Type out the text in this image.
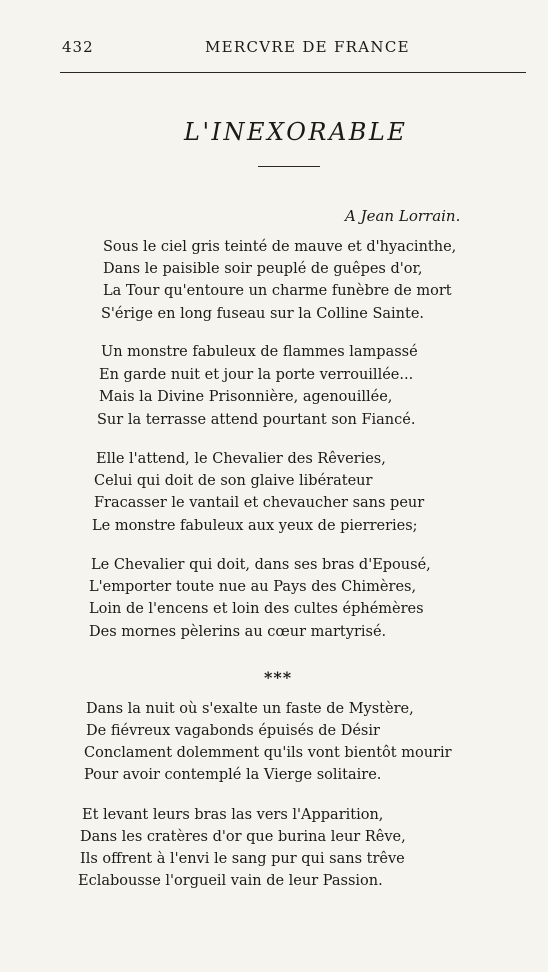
432	MERCVRE DE FRANCE
L'INEXORABLE
A Jean Lorrain.
Sous le ciel gris teinté de mauve et d'hyacinthe,
Dans le paisible soir peuplé de guêpes d'or,
La Tour qu'entoure un charme funèbre de mort
S'érige en long fuseau sur la Colline Sainte.
Un monstre fabuleux de flammes lampassé
En garde nuit et jour la porte verrouillée...
Mais la Divine Prisonnière, agenouillée,
Sur la terrasse attend pourtant son Fiancé.
Elle l'attend, le Chevalier des Rêveries,
Celui qui doit de son glaive libérateur
Fracasser le vantail et chevaucher sans peur
Le monstre fabuleux aux yeux de pierreries;
Le Chevalier qui doit, dans ses bras d'Epousé,
L'emporter toute nue au Pays des Chimères,
Loin de l'encens et loin des cultes éphémères
Des mornes pèlerins au cœur martyrisé.
***
Dans la nuit où s'exalte un faste de Mystère,
De fiévreux vagabonds épuisés de Désir
Conclament dolemment qu'ils vont bientôt mourir
Pour avoir contemplé la Vierge solitaire.
Et levant leurs bras las vers l'Apparition,
Dans les cratères d'or que burina leur Rêve,
Ils offrent à l'envi le sang pur qui sans trêve
Eclabousse l'orgueil vain de leur Passion.
